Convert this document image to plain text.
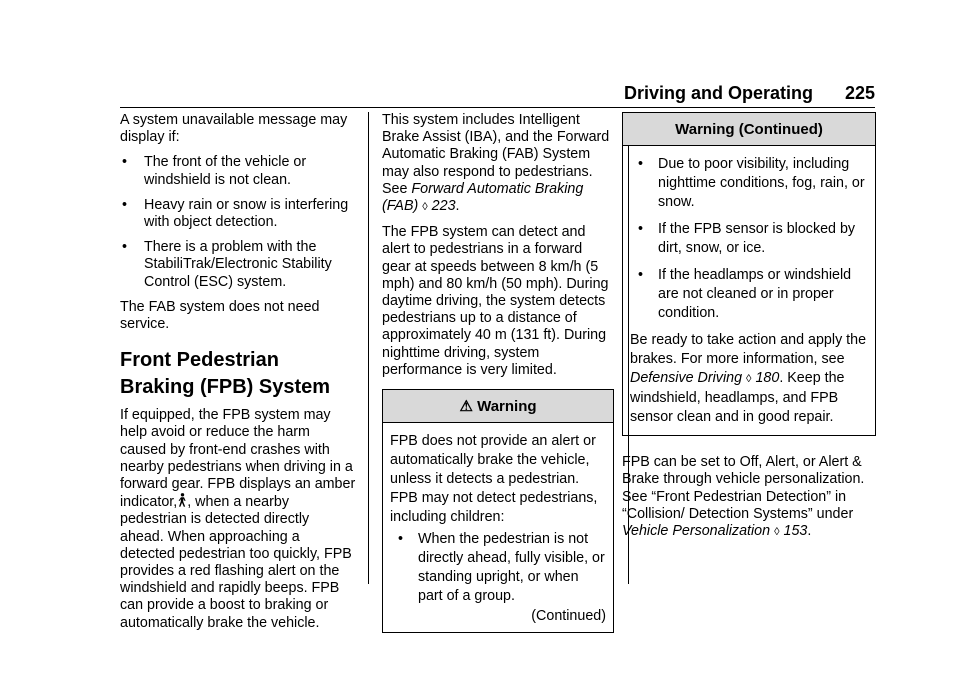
Driving and Operating 225

A system unavailable message may display if:

•	The front of the vehicle or windshield is not clean.
•	Heavy rain or snow is interfering with object detection.
•	There is a problem with the StabiliTrak/Electronic Stability Control (ESC) system.

The FAB system does not need service.

Front Pedestrian Braking (FPB) System

If equipped, the FPB system may help avoid or reduce the harm caused by front-end crashes with nearby pedestrians when driving in a forward gear. FPB displays an amber indicator, , when a nearby pedestrian is detected directly ahead. When approaching a detected pedestrian too quickly, FPB provides a red flashing alert on the windshield and rapidly beeps. FPB can provide a boost to braking or automatically brake the vehicle.

This system includes Intelligent Brake Assist (IBA), and the Forward Automatic Braking (FAB) System may also respond to pedestrians. See Forward Automatic Braking (FAB) ◊ 223.

The FPB system can detect and alert to pedestrians in a forward gear at speeds between 8 km/h (5 mph) and 80 km/h (50 mph). During daytime driving, the system detects pedestrians up to a distance of approximately 40 m (131 ft). During nighttime driving, system performance is very limited.

⚠ Warning

FPB does not provide an alert or automatically brake the vehicle, unless it detects a pedestrian. FPB may not detect pedestrians, including children:

•	When the pedestrian is not directly ahead, fully visible, or standing upright, or when part of a group.
(Continued)
Warning (Continued)
•	Due to poor visibility, including nighttime conditions, fog, rain, or snow.
•	If the FPB sensor is blocked by dirt, snow, or ice.
•	If the headlamps or windshield are not cleaned or in proper condition.

Be ready to take action and apply the brakes. For more information, see Defensive Driving ◊ 180. Keep the windshield, headlamps, and FPB sensor clean and in good repair.

FPB can be set to Off, Alert, or Alert & Brake through vehicle personalization. See “Front Pedestrian Detection” in “Collision/ Detection Systems” under Vehicle Personalization ◊ 153.
